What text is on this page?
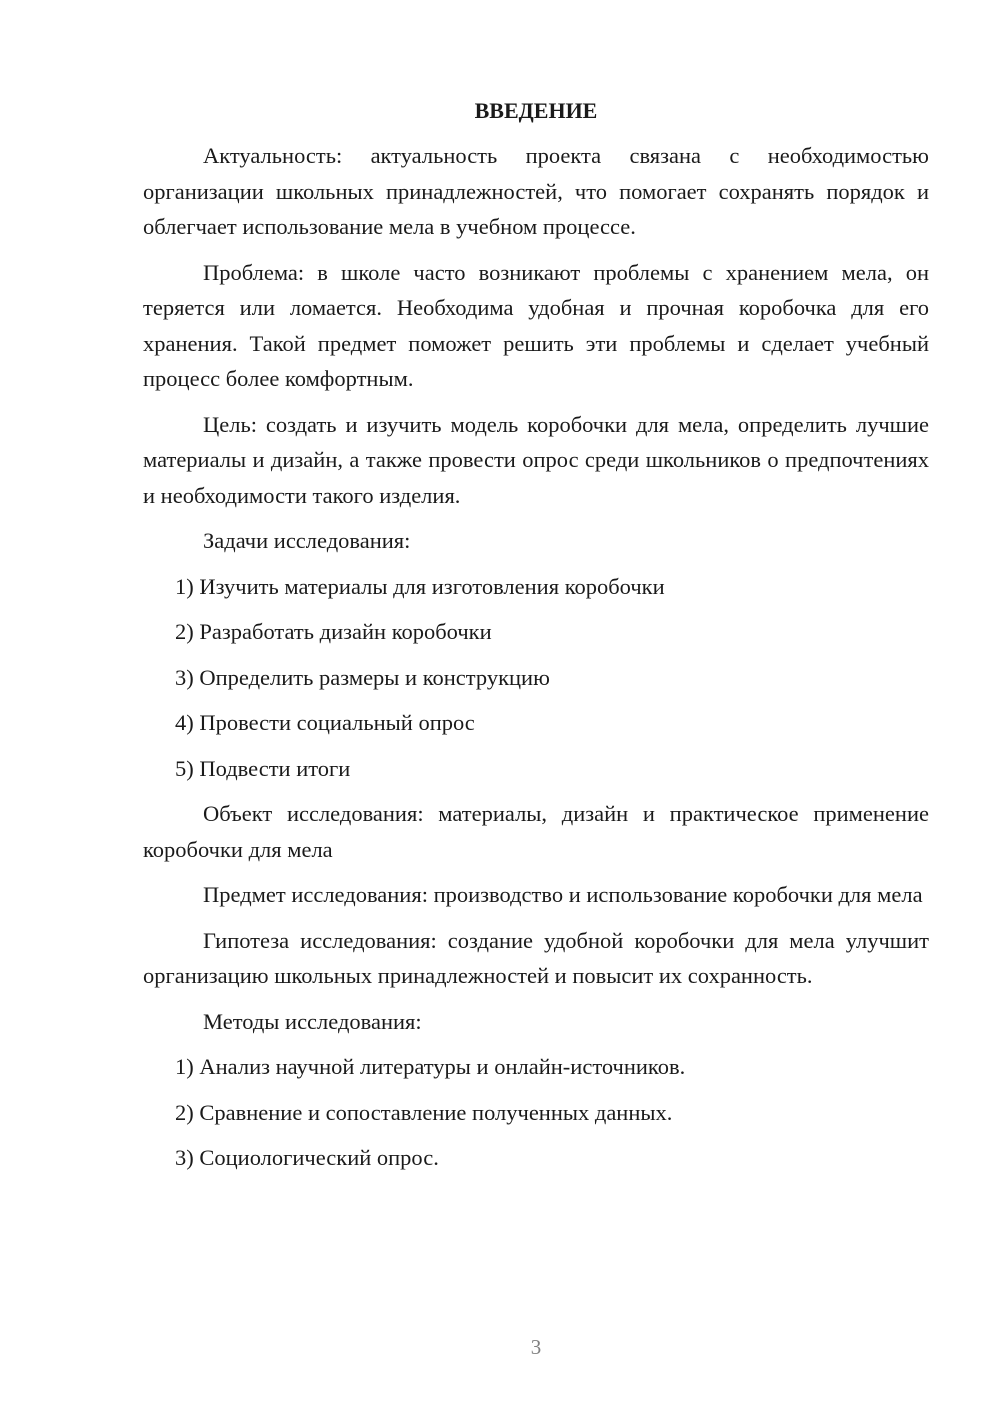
ВВЕДЕНИЕ

Актуальность: актуальность проекта связана с необходимостью организации школьных принадлежностей, что помогает сохранять порядок и облегчает использование мела в учебном процессе.

Проблема: в школе часто возникают проблемы с хранением мела, он теряется или ломается. Необходима удобная и прочная коробочка для его хранения. Такой предмет поможет решить эти проблемы и сделает учебный процесс более комфортным.

Цель: создать и изучить модель коробочки для мела, определить лучшие материалы и дизайн, а также провести опрос среди школьников о предпочтениях и необходимости такого изделия.

Задачи исследования:

1) Изучить материалы для изготовления коробочки
2) Разработать дизайн коробочки
3) Определить размеры и конструкцию
4) Провести социальный опрос
5) Подвести итоги

Объект исследования: материалы, дизайн и практическое применение коробочки для мела

Предмет исследования: производство и использование коробочки для мела

Гипотеза исследования: создание удобной коробочки для мела улучшит организацию школьных принадлежностей и повысит их сохранность.

Методы исследования:

1) Анализ научной литературы и онлайн-источников.
2) Сравнение и сопоставление полученных данных.
3) Социологический опрос.
3
